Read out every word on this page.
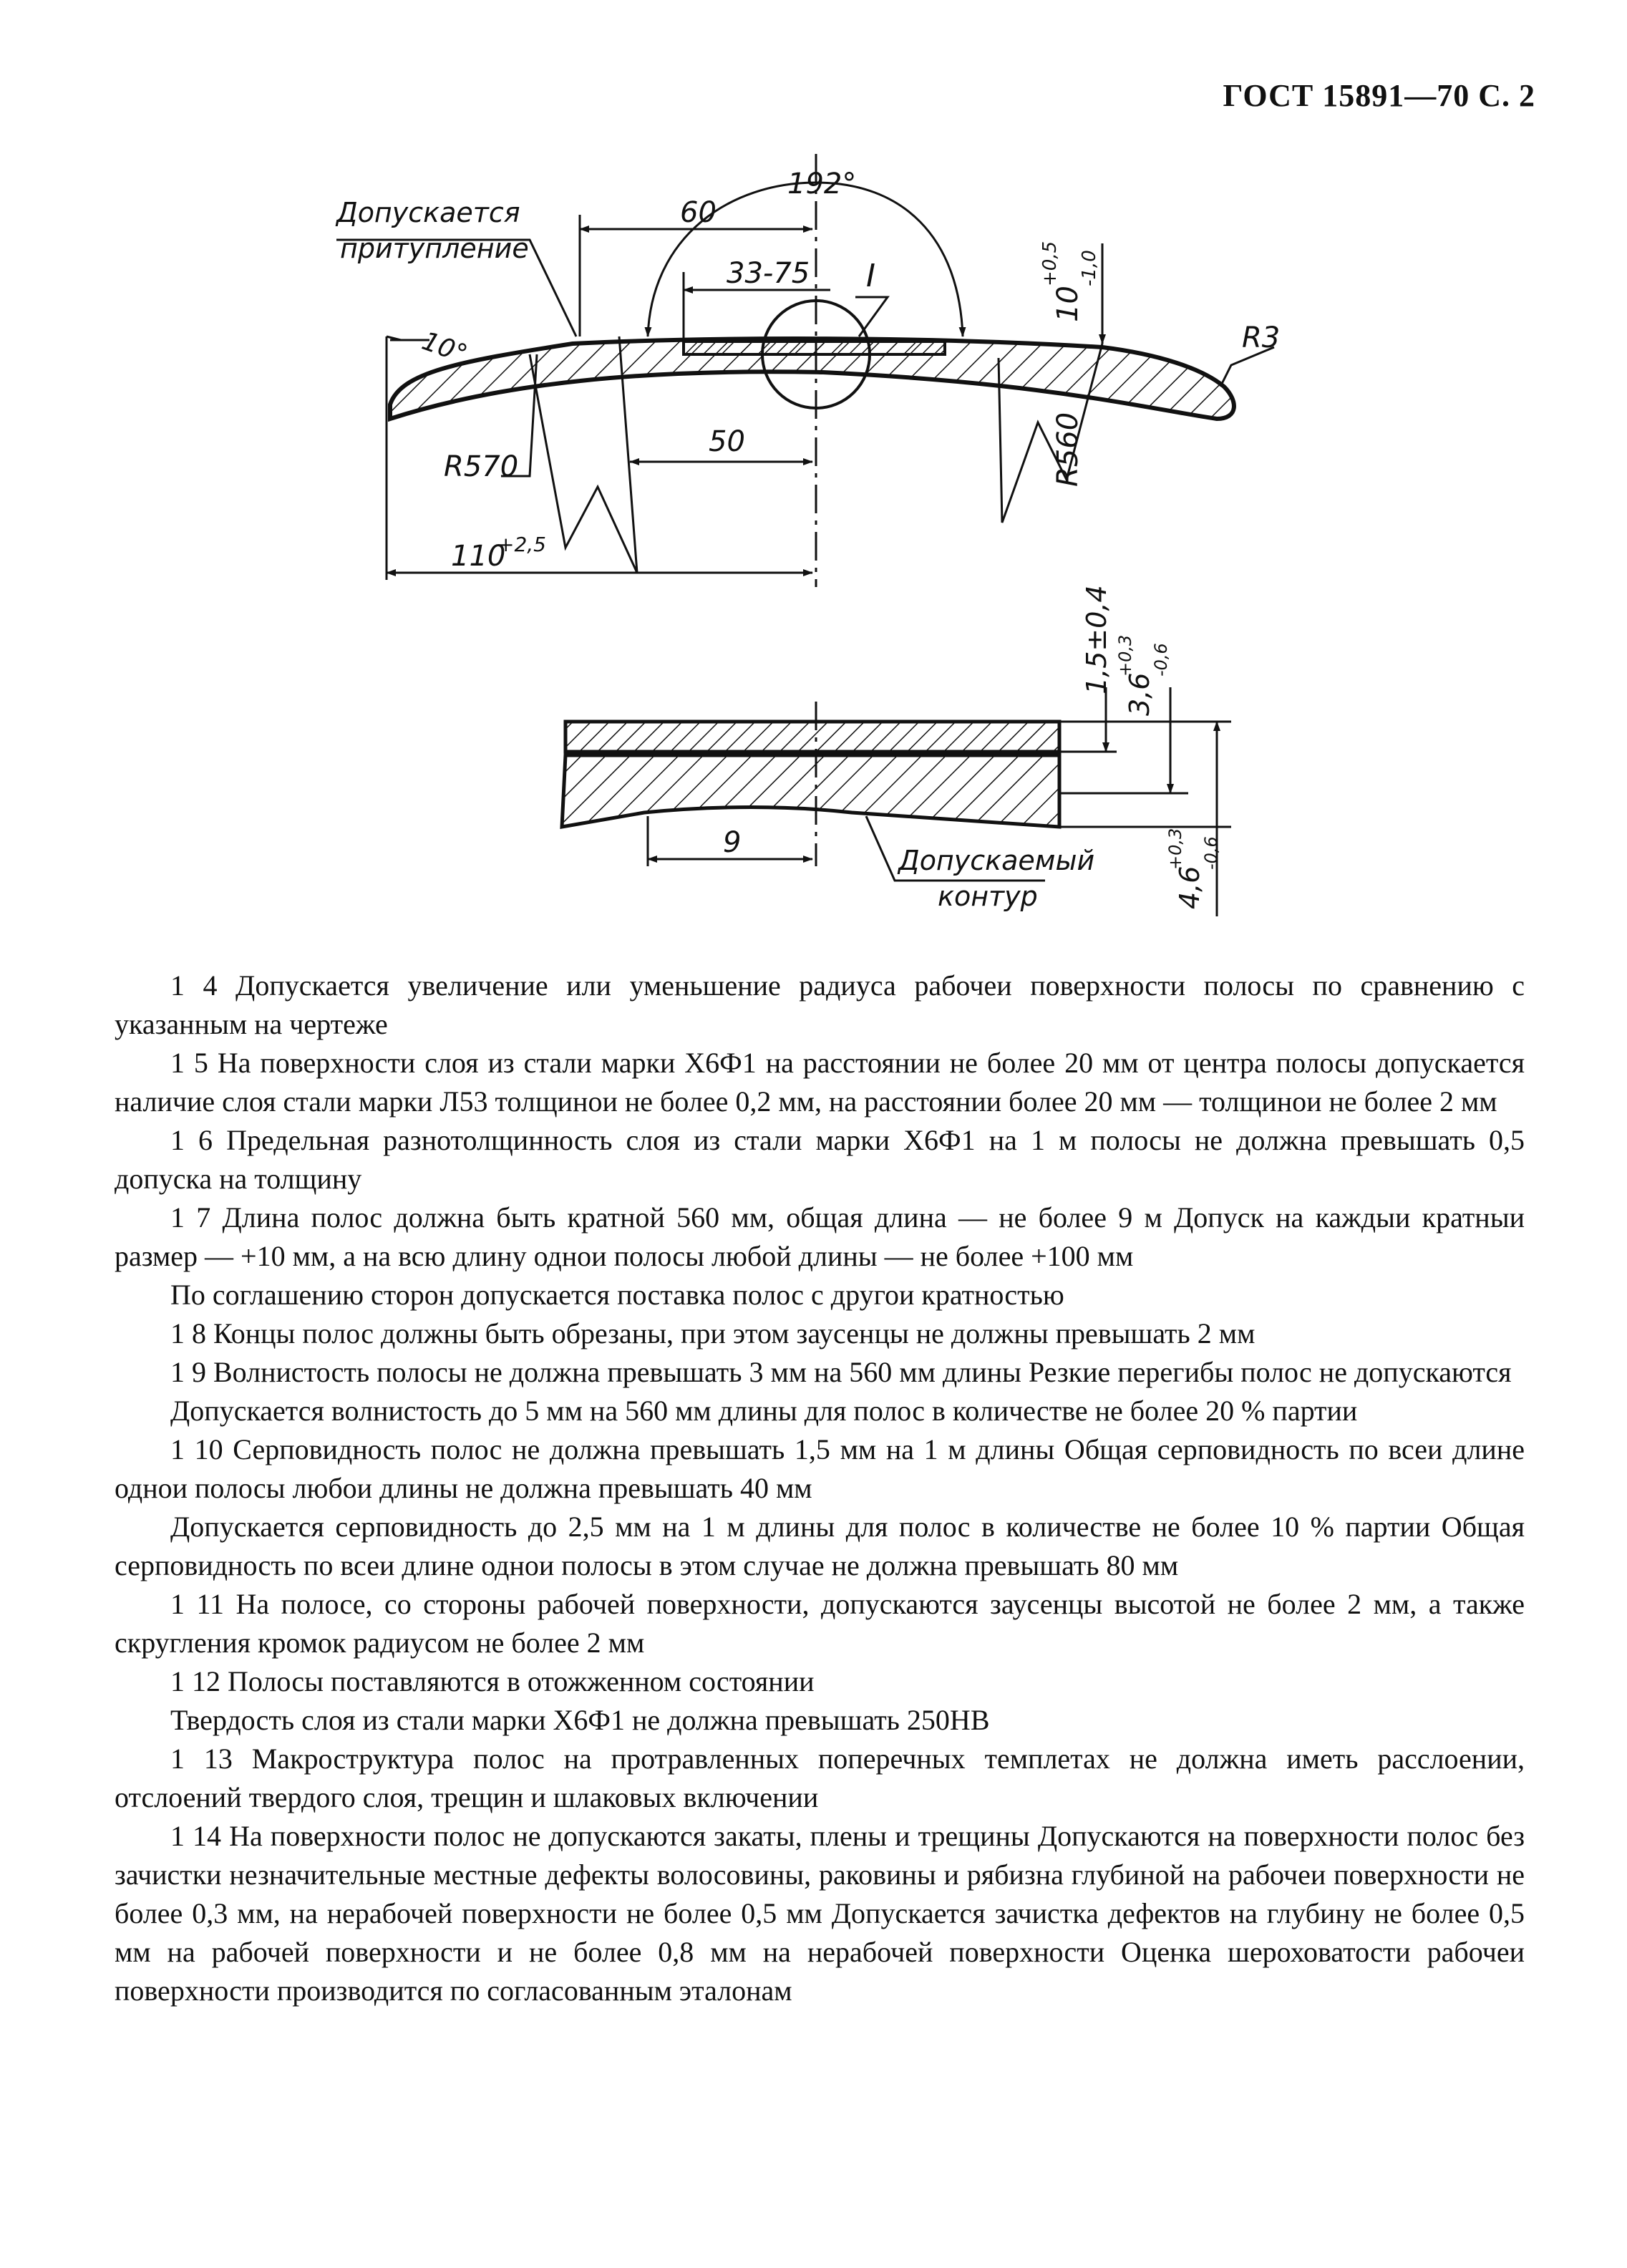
ГОСТ 15891—70 С. 2
Допускается
притупление
192°
60
33-75 I
10°
50
R570
110
+2,5
R560
R3
10
+0,5 -1,0
1,5±0,4 3,6
+0,3 -0,6
4,6
+0,3 -0,6
9
Допускаемый
контур

1 4 Допускается увеличение или уменьшение радиуса рабочеи поверхности полосы по сравнению с указанным на чертеже

1 5 На поверхности слоя из стали марки Х6Ф1 на расстоянии не более 20 мм от центра полосы допускается наличие слоя стали марки Л53 толщинои не более 0,2 мм, на расстоянии более 20 мм — толщинои не более 2 мм

1 6 Предельная разнотолщинность слоя из стали марки Х6Ф1 на 1 м полосы не должна превышать 0,5 допуска на толщину

1 7 Длина полос должна быть кратной 560 мм, общая длина — не более 9 м Допуск на каждыи кратныи размер — +10 мм, а на всю длину однои полосы любой длины — не более +100 мм

По соглашению сторон допускается поставка полос с другои кратностью

1 8 Концы полос должны быть обрезаны, при этом заусенцы не должны превышать 2 мм

1 9 Волнистость полосы не должна превышать 3 мм на 560 мм длины Резкие перегибы полос не допускаются

Допускается волнистость до 5 мм на 560 мм длины для полос в количестве не более 20 % партии

1 10 Серповидность полос не должна превышать 1,5 мм на 1 м длины Общая серповидность по всеи длине однои полосы любои длины не должна превышать 40 мм

Допускается серповидность до 2,5 мм на 1 м длины для полос в количестве не более 10 % партии Общая серповидность по всеи длине однои полосы в этом случае не должна превышать 80 мм

1 11 На полосе, со стороны рабочей поверхности, допускаются заусенцы высотой не более 2 мм, а также скругления кромок радиусом не более 2 мм

1 12 Полосы поставляются в отожженном состоянии

Твердость слоя из стали марки Х6Ф1 не должна превышать 250HB

1 13 Макроструктура полос на протравленных поперечных темплетах не должна иметь расслоении, отслоений твердого слоя, трещин и шлаковых включении

1 14 На поверхности полос не допускаются закаты, плены и трещины Допускаются на поверхности полос без зачистки незначительные местные дефекты волосовины, раковины и рябизна глубиной на рабочеи поверхности не более 0,3 мм, на нерабочей поверхности не более 0,5 мм Допускается зачистка дефектов на глубину не более 0,5 мм на рабочей поверхности и не более 0,8 мм на нерабочей поверхности Оценка шероховатости рабочеи поверхности производится по согласованным эталонам
